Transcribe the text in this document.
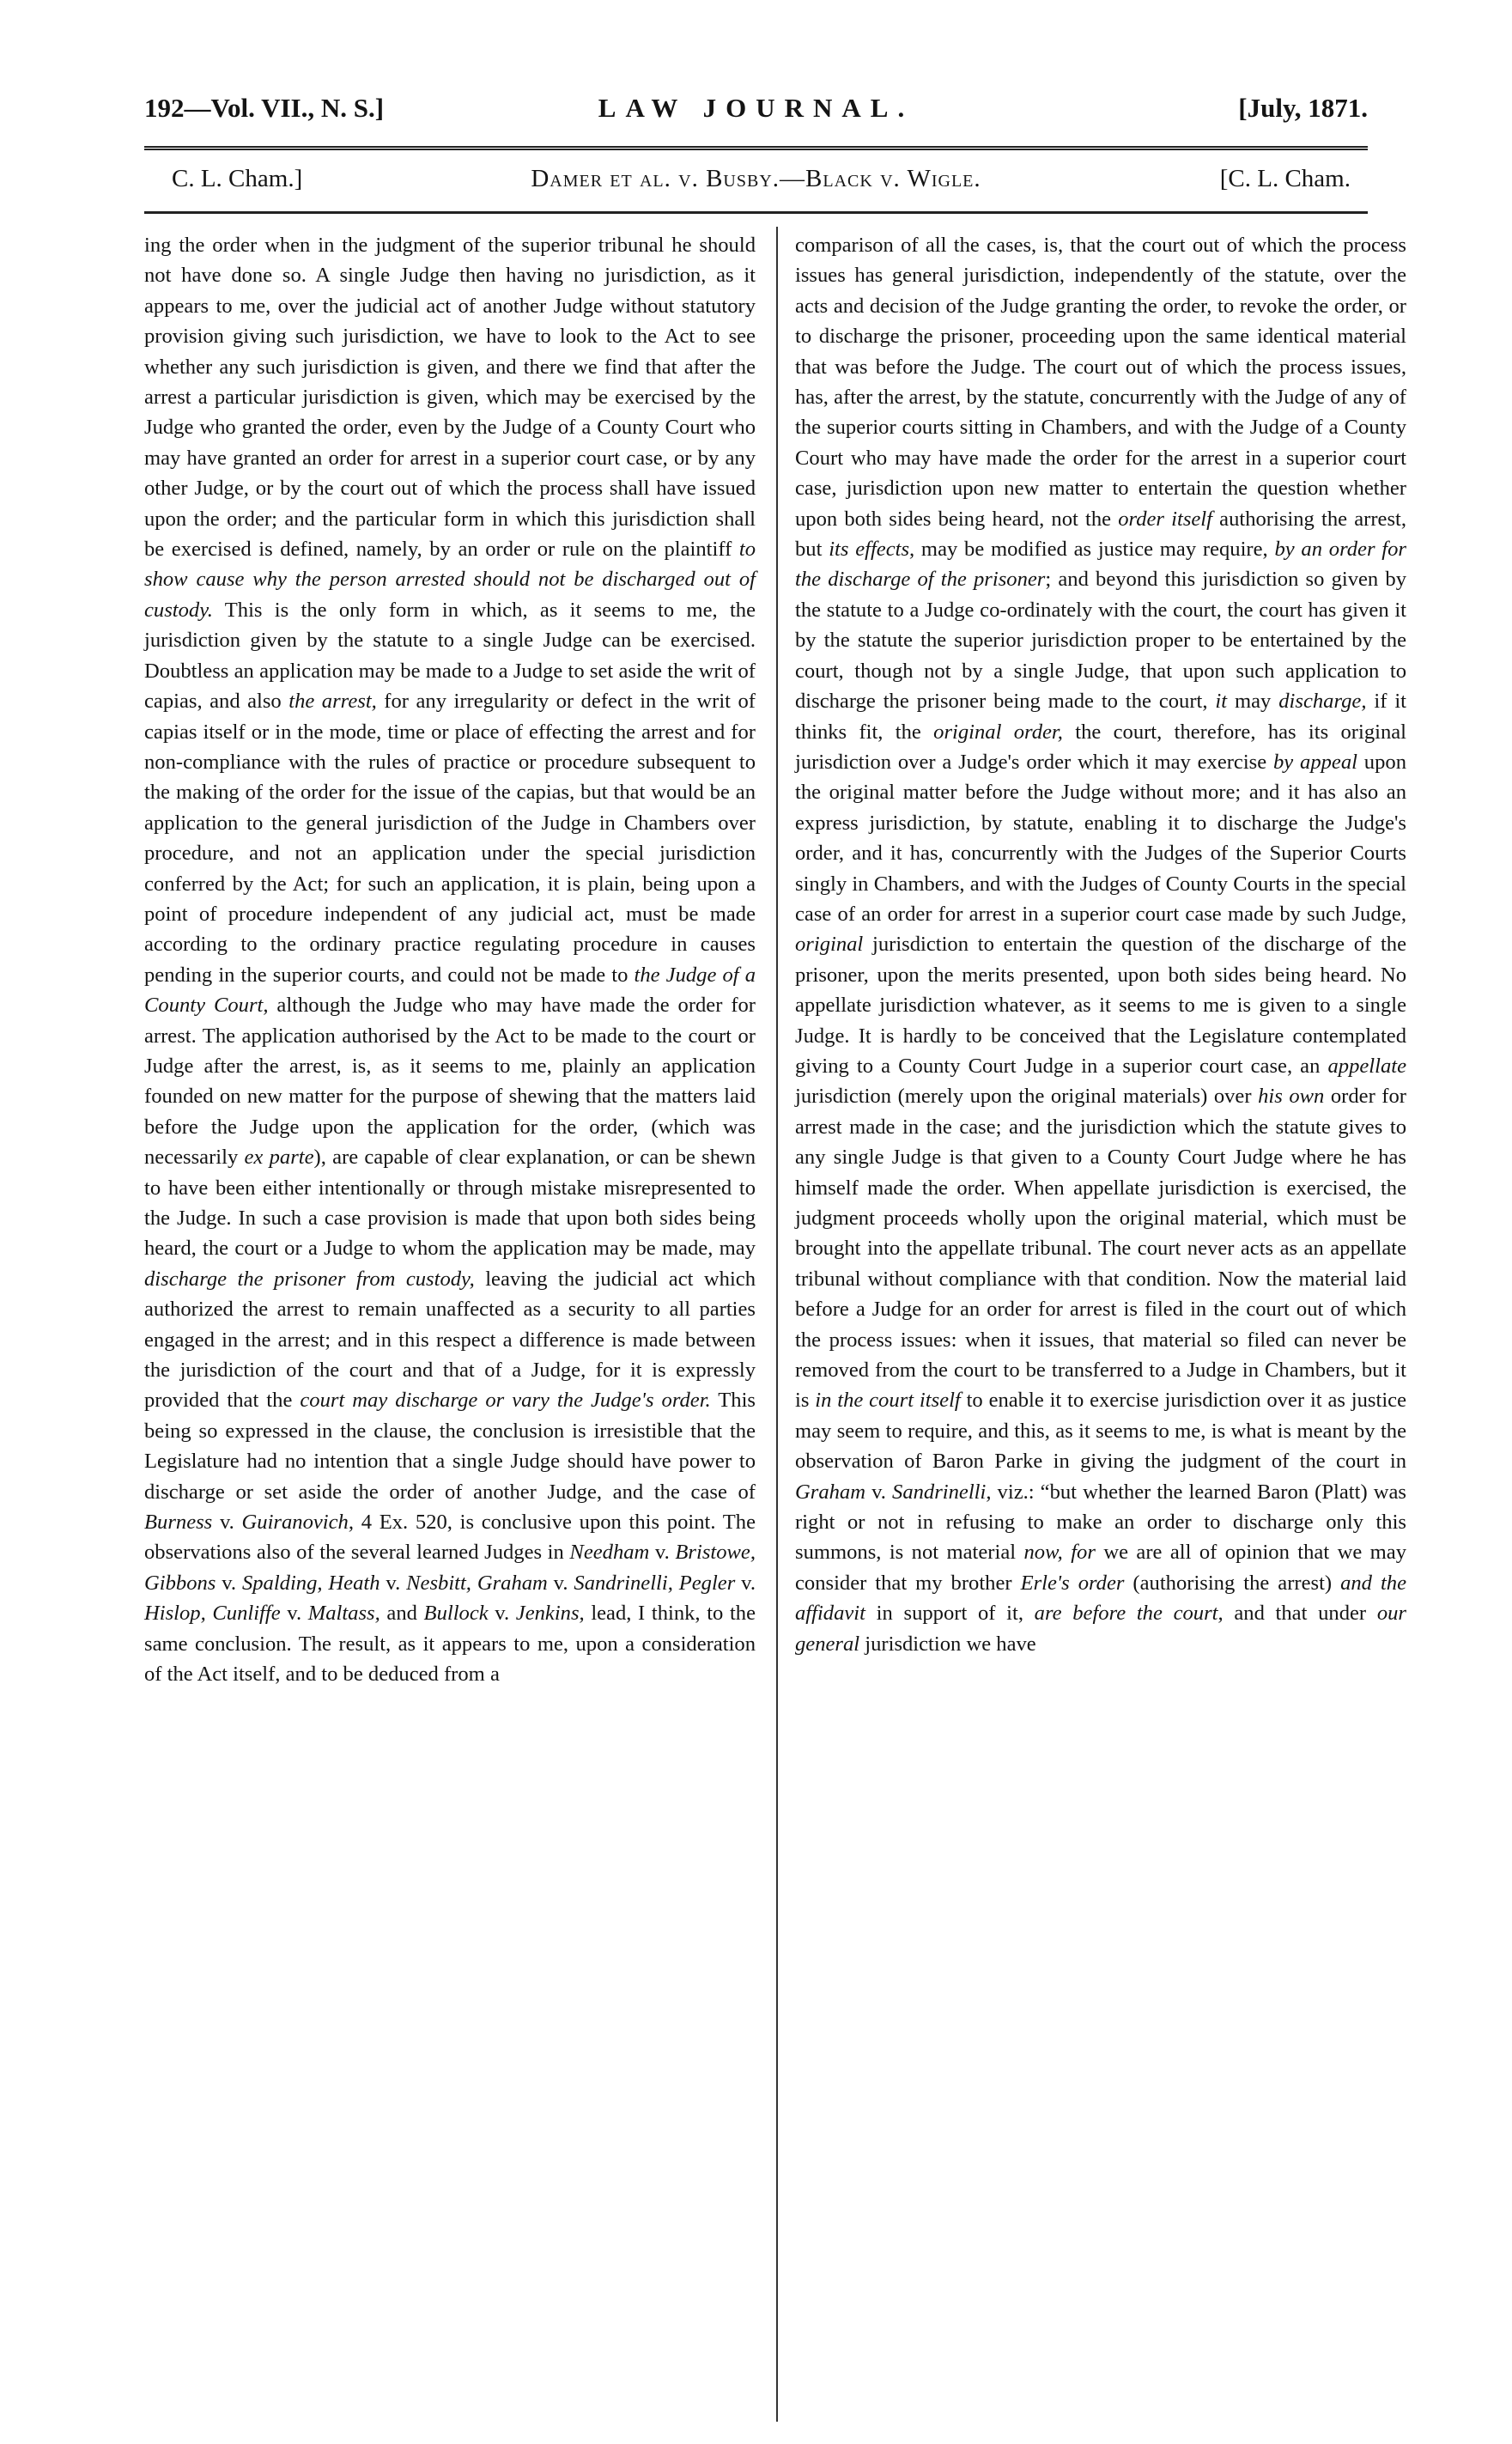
192—Vol. VII., N. S.]	LAW JOURNAL.	[July, 1871.
C. L. Cham.]	Damer et al. v. Busby.—Black v. Wigle.	[C. L. Cham.

ing the order when in the judgment of the superior tribunal he should not have done so. A single Judge then having no jurisdiction, as it appears to me, over the judicial act of another Judge without statutory provision giving such jurisdiction, we have to look to the Act to see whether any such jurisdiction is given, and there we find that after the arrest a particular jurisdiction is given, which may be exercised by the Judge who granted the order, even by the Judge of a County Court who may have granted an order for arrest in a superior court case, or by any other Judge, or by the court out of which the process shall have issued upon the order; and the particular form in which this jurisdiction shall be exercised is defined, namely, by an order or rule on the plaintiff to show cause why the person arrested should not be discharged out of custody. This is the only form in which, as it seems to me, the jurisdiction given by the statute to a single Judge can be exercised. Doubtless an application may be made to a Judge to set aside the writ of capias, and also the arrest, for any irregularity or defect in the writ of capias itself or in the mode, time or place of effecting the arrest and for non-compliance with the rules of practice or procedure subsequent to the making of the order for the issue of the capias, but that would be an application to the general jurisdiction of the Judge in Chambers over procedure, and not an application under the special jurisdiction conferred by the Act; for such an application, it is plain, being upon a point of procedure independent of any judicial act, must be made according to the ordinary practice regulating procedure in causes pending in the superior courts, and could not be made to the Judge of a County Court, although the Judge who may have made the order for arrest. The application authorised by the Act to be made to the court or Judge after the arrest, is, as it seems to me, plainly an application founded on new matter for the purpose of shewing that the matters laid before the Judge upon the application for the order, (which was necessarily ex parte), are capable of clear explanation, or can be shewn to have been either intentionally or through mistake misrepresented to the Judge. In such a case provision is made that upon both sides being heard, the court or a Judge to whom the application may be made, may discharge the prisoner from custody, leaving the judicial act which authorized the arrest to remain unaffected as a security to all parties engaged in the arrest; and in this respect a difference is made between the jurisdiction of the court and that of a Judge, for it is expressly provided that the court may discharge or vary the Judge's order. This being so expressed in the clause, the conclusion is irresistible that the Legislature had no intention that a single Judge should have power to discharge or set aside the order of another Judge, and the case of Burness v. Guiranovich, 4 Ex. 520, is conclusive upon this point. The observations also of the several learned Judges in Needham v. Bristowe, Gibbons v. Spalding, Heath v. Nesbitt, Graham v. Sandrinelli, Pegler v. Hislop, Cunliffe v. Maltass, and Bullock v. Jenkins, lead, I think, to the same conclusion. The result, as it appears to me, upon a consideration of the Act itself, and to be deduced from a

comparison of all the cases, is, that the court out of which the process issues has general jurisdiction, independently of the statute, over the acts and decision of the Judge granting the order, to revoke the order, or to discharge the prisoner, proceeding upon the same identical material that was before the Judge. The court out of which the process issues, has, after the arrest, by the statute, concurrently with the Judge of any of the superior courts sitting in Chambers, and with the Judge of a County Court who may have made the order for the arrest in a superior court case, jurisdiction upon new matter to entertain the question whether upon both sides being heard, not the order itself authorising the arrest, but its effects, may be modified as justice may require, by an order for the discharge of the prisoner; and beyond this jurisdiction so given by the statute to a Judge co-ordinately with the court, the court has given it by the statute the superior jurisdiction proper to be entertained by the court, though not by a single Judge, that upon such application to discharge the prisoner being made to the court, it may discharge, if it thinks fit, the original order, the court, therefore, has its original jurisdiction over a Judge's order which it may exercise by appeal upon the original matter before the Judge without more; and it has also an express jurisdiction, by statute, enabling it to discharge the Judge's order, and it has, concurrently with the Judges of the Superior Courts singly in Chambers, and with the Judges of County Courts in the special case of an order for arrest in a superior court case made by such Judge, original jurisdiction to entertain the question of the discharge of the prisoner, upon the merits presented, upon both sides being heard. No appellate jurisdiction whatever, as it seems to me is given to a single Judge. It is hardly to be conceived that the Legislature contemplated giving to a County Court Judge in a superior court case, an appellate jurisdiction (merely upon the original materials) over his own order for arrest made in the case; and the jurisdiction which the statute gives to any single Judge is that given to a County Court Judge where he has himself made the order. When appellate jurisdiction is exercised, the judgment proceeds wholly upon the original material, which must be brought into the appellate tribunal. The court never acts as an appellate tribunal without compliance with that condition. Now the material laid before a Judge for an order for arrest is filed in the court out of which the process issues: when it issues, that material so filed can never be removed from the court to be transferred to a Judge in Chambers, but it is in the court itself to enable it to exercise jurisdiction over it as justice may seem to require, and this, as it seems to me, is what is meant by the observation of Baron Parke in giving the judgment of the court in Graham v. Sandrinelli, viz.: “but whether the learned Baron (Platt) was right or not in refusing to make an order to discharge only this summons, is not material now, for we are all of opinion that we may consider that my brother Erle's order (authorising the arrest) and the affidavit in support of it, are before the court, and that under our general jurisdiction we have
